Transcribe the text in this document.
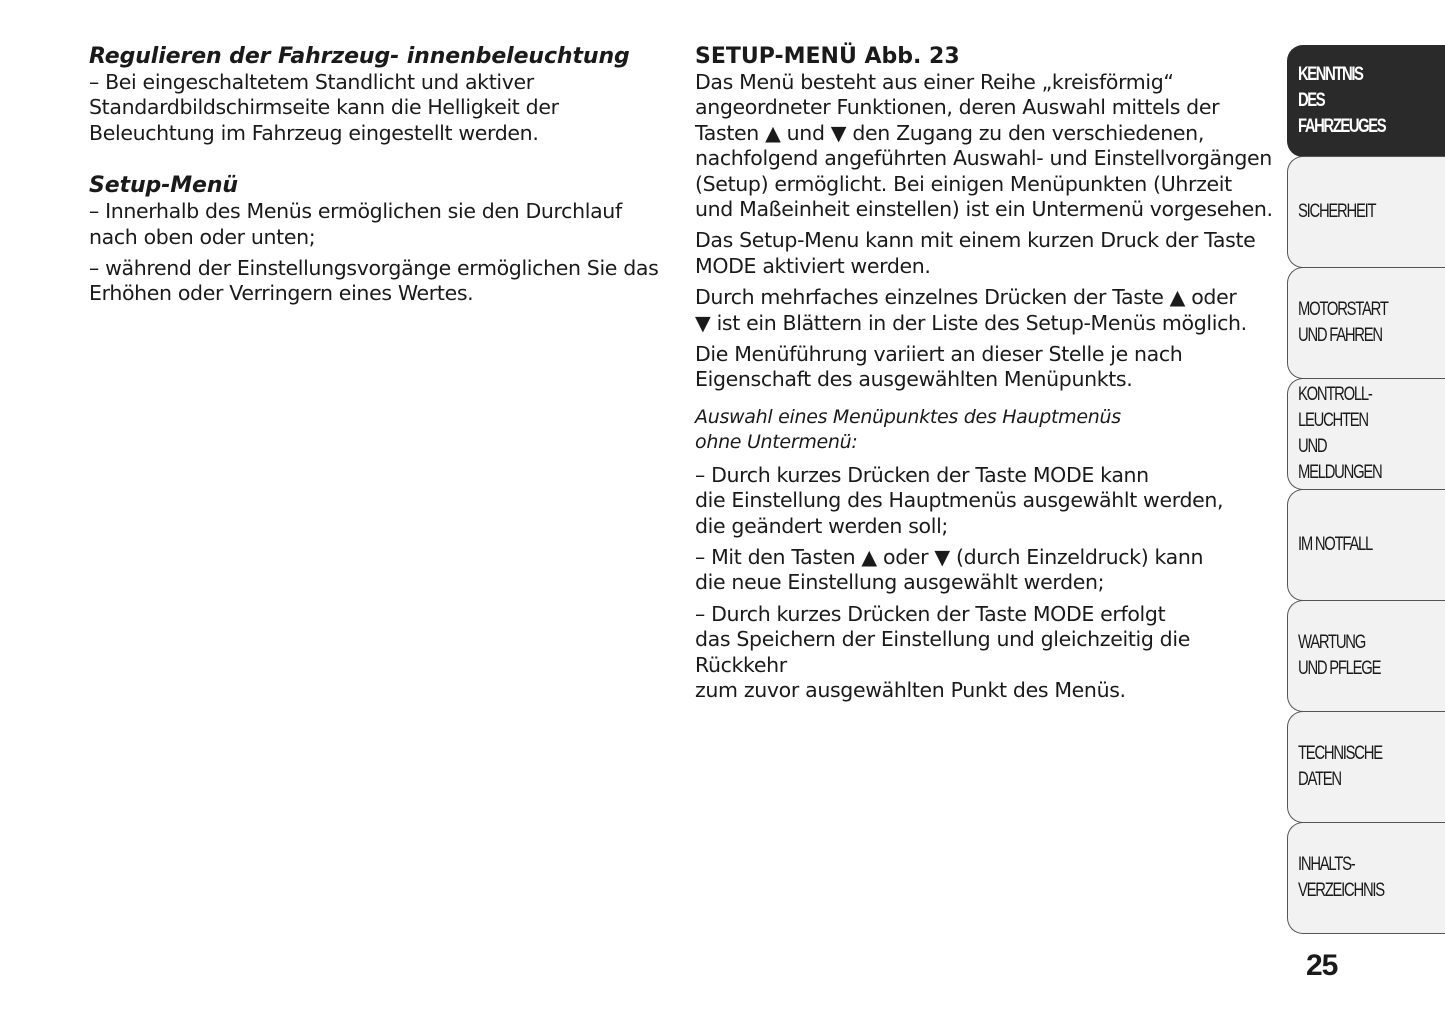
Regulieren der Fahrzeug- innenbeleuchtung

– Bei eingeschaltetem Standlicht und aktiver
Standardbildschirmseite kann die Helligkeit der
Beleuchtung im Fahrzeug eingestellt werden.

Setup-Menü

– Innerhalb des Menüs ermöglichen sie den Durchlauf
nach oben oder unten;

– während der Einstellungsvorgänge ermöglichen Sie das
Erhöhen oder Verringern eines Wertes.

SETUP-MENÜ Abb. 23

Das Menü besteht aus einer Reihe „kreisförmig“
angeordneter Funktionen, deren Auswahl mittels der
Tasten ▲ und ▼ den Zugang zu den verschiedenen,
nachfolgend angeführten Auswahl- und Einstellvorgängen
(Setup) ermöglicht. Bei einigen Menüpunkten (Uhrzeit
und Maßeinheit einstellen) ist ein Untermenü vorgesehen.

Das Setup-Menu kann mit einem kurzen Druck der Taste
MODE aktiviert werden.

Durch mehrfaches einzelnes Drücken der Taste ▲ oder
▼ ist ein Blättern in der Liste des Setup-Menüs möglich.

Die Menüführung variiert an dieser Stelle je nach
Eigenschaft des ausgewählten Menüpunkts.

Auswahl eines Menüpunktes des Hauptmenüs
ohne Untermenü:

– Durch kurzes Drücken der Taste MODE kann
die Einstellung des Hauptmenüs ausgewählt werden,
die geändert werden soll;

– Mit den Tasten ▲ oder ▼ (durch Einzeldruck) kann
die neue Einstellung ausgewählt werden;

– Durch kurzes Drücken der Taste MODE erfolgt
das Speichern der Einstellung und gleichzeitig die Rückkehr
zum zuvor ausgewählten Punkt des Menüs.

KENNTNIS
DES FAHRZEUGES
SICHERHEIT
MOTORSTART
UND FAHREN
KONTROLL-
LEUCHTEN
UND MELDUNGEN
IM NOTFALL
WARTUNG
UND PFLEGE
TECHNISCHE
DATEN
INHALTS-
VERZEICHNIS
25
